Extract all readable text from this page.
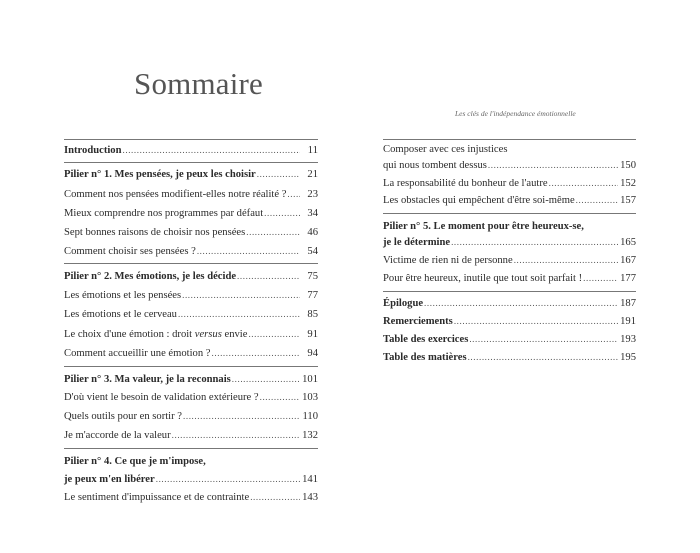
Sommaire
Les clés de l'indépendance émotionnelle
Introduction .....	11
Pilier n° 1. Mes pensées, je peux les choisir .....	21
Comment nos pensées modifient-elles notre réalité ? .....	23
Mieux comprendre nos programmes par défaut .....	34
Sept bonnes raisons de choisir nos pensées .....	46
Comment choisir ses pensées ? .....	54
Pilier n° 2. Mes émotions, je les décide .....	75
Les émotions et les pensées .....	77
Les émotions et le cerveau .....	85
Le choix d'une émotion : droit versus envie .....	91
Comment accueillir une émotion ? .....	94
Pilier n° 3. Ma valeur, je la reconnais .....	101
D'où vient le besoin de validation extérieure ? .....	103
Quels outils pour en sortir ? .....	110
Je m'accorde de la valeur .....	132
Pilier n° 4. Ce que je m'impose,
je peux m'en libérer .....	141
Le sentiment d'impuissance et de contrainte .....	143
Composer avec ces injustices
qui nous tombent dessus .....	150
La responsabilité du bonheur de l'autre .....	152
Les obstacles qui empêchent d'être soi-même .....	157
Pilier n° 5. Le moment pour être heureux-se,
je le détermine .....	165
Victime de rien ni de personne .....	167
Pour être heureux, inutile que tout soit parfait ! .....	177
Épilogue .....	187
Remerciements .....	191
Table des exercices .....	193
Table des matières .....	195
